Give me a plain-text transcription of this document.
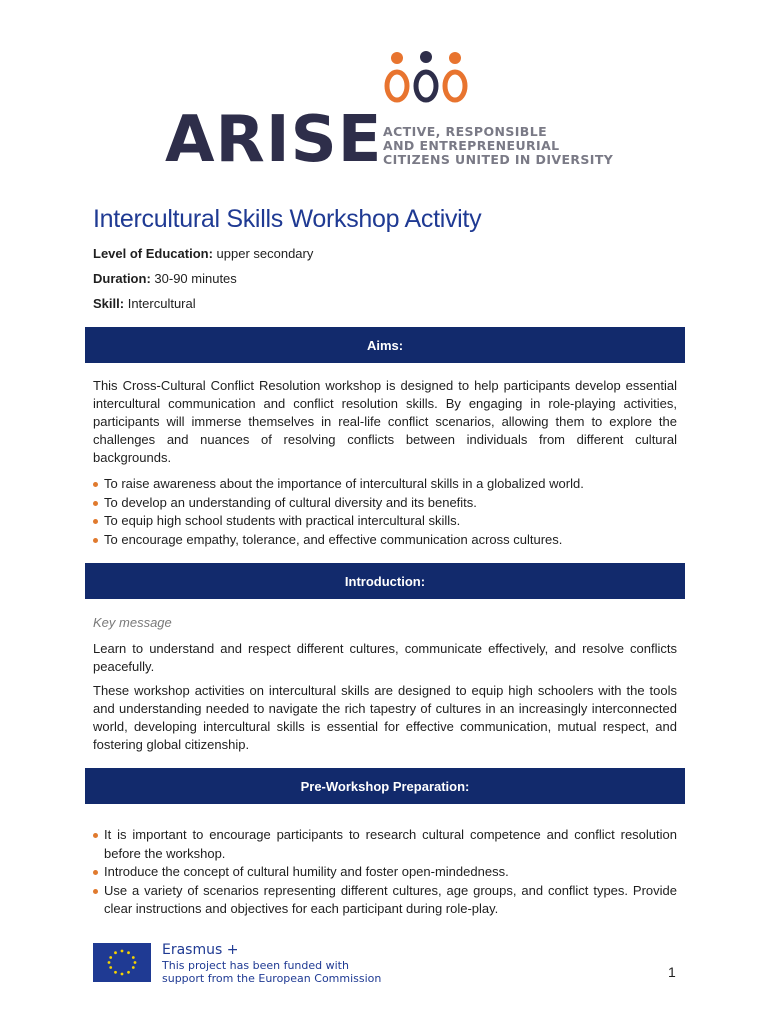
ARISE ACTIVE, RESPONSIBLE
AND ENTREPRENEURIAL
CITIZENS UNITED IN DIVERSITY
Intercultural Skills Workshop Activity
Level of Education: upper secondary
Duration: 30-90 minutes
Skill: Intercultural
Aims:
This Cross-Cultural Conflict Resolution workshop is designed to help participants develop essential intercultural communication and conflict resolution skills. By engaging in role-playing activities, participants will immerse themselves in real-life conflict scenarios, allowing them to explore the challenges and nuances of resolving conflicts between individuals from different cultural backgrounds.
To raise awareness about the importance of intercultural skills in a globalized world.
To develop an understanding of cultural diversity and its benefits.
To equip high school students with practical intercultural skills.
To encourage empathy, tolerance, and effective communication across cultures.
Introduction:
Key message
Learn to understand and respect different cultures, communicate effectively, and resolve conflicts peacefully.
These workshop activities on intercultural skills are designed to equip high schoolers with the tools and understanding needed to navigate the rich tapestry of cultures in an increasingly interconnected world, developing intercultural skills is essential for effective communication, mutual respect, and fostering global citizenship.
Pre-Workshop Preparation:
It is important to encourage participants to research cultural competence and conflict resolution before the workshop.
Introduce the concept of cultural humility and foster open-mindedness.
Use a variety of scenarios representing different cultures, age groups, and conflict types. Provide clear instructions and objectives for each participant during role-play.
Erasmus +
This project has been funded with
support from the European Commission	1
